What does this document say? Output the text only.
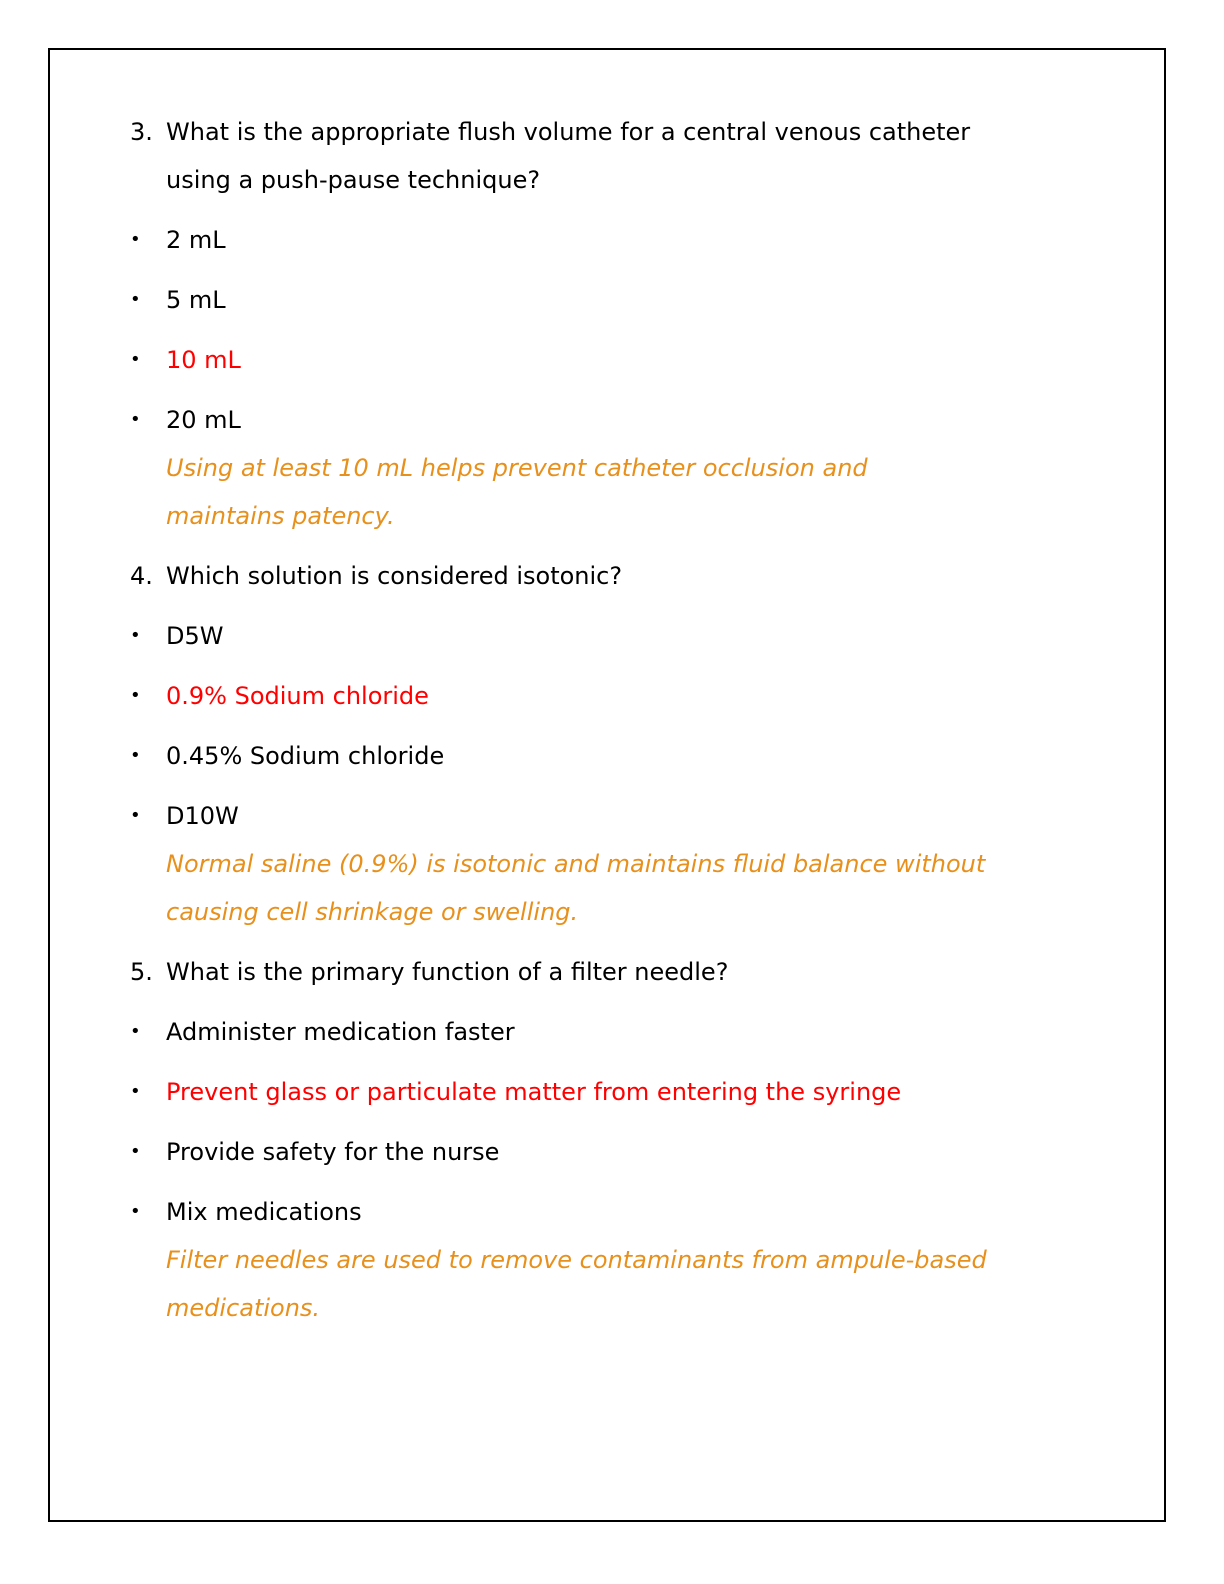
3. What is the appropriate flush volume for a central venous catheter
using a push-pause technique?
• 2 mL
• 5 mL
• 10 mL
• 20 mL
Using at least 10 mL helps prevent catheter occlusion and
maintains patency.
4. Which solution is considered isotonic?
• D5W
• 0.9% Sodium chloride
• 0.45% Sodium chloride
• D10W
Normal saline (0.9%) is isotonic and maintains fluid balance without
causing cell shrinkage or swelling.
5. What is the primary function of a filter needle?
• Administer medication faster
• Prevent glass or particulate matter from entering the syringe
• Provide safety for the nurse
• Mix medications
Filter needles are used to remove contaminants from ampule-based
medications.
